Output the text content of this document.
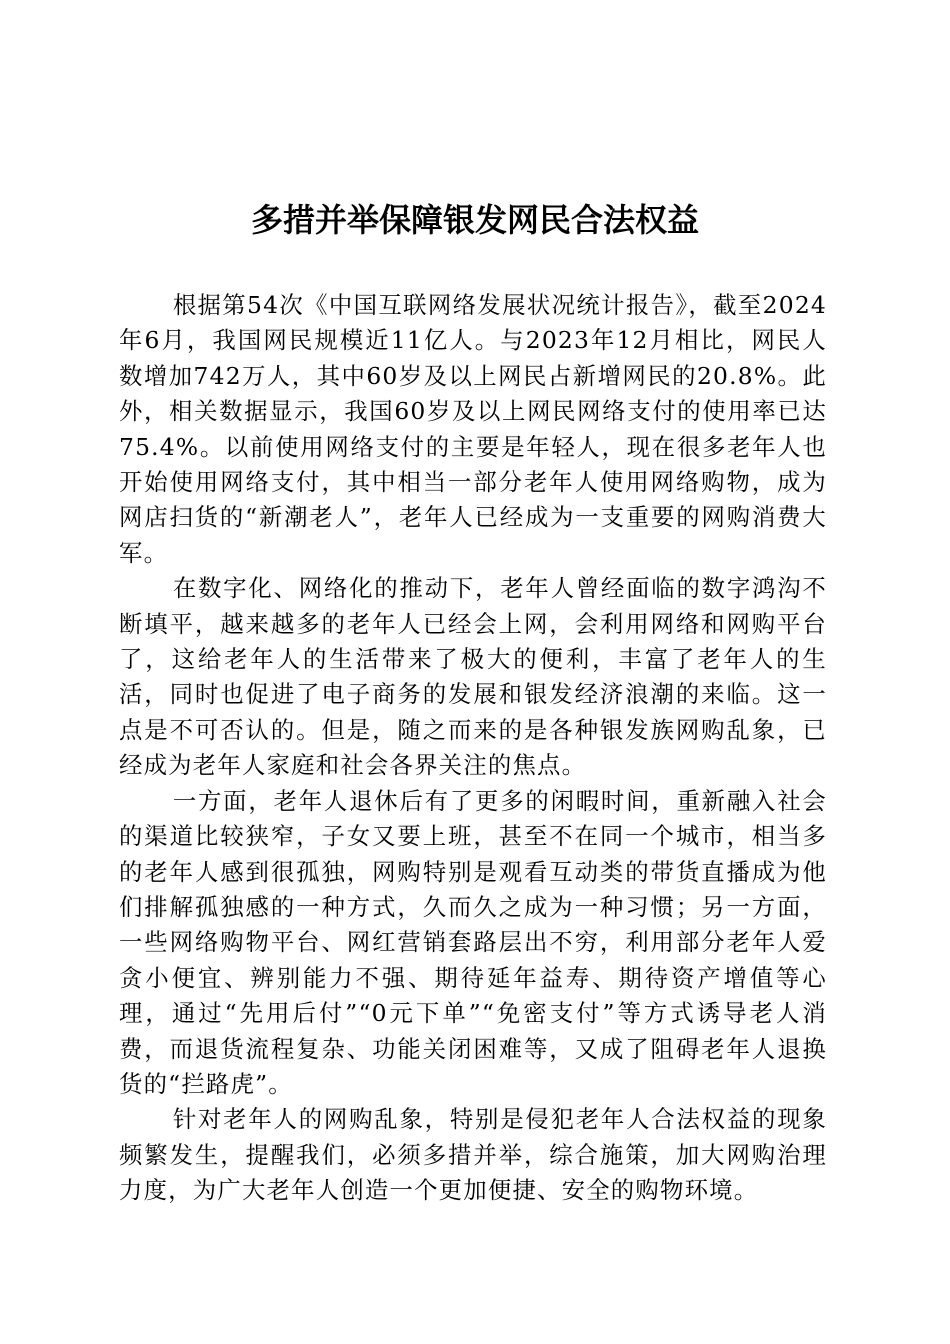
多措并举保障银发网民合法权益

根据第54次《中国互联网络发展状况统计报告》，截至2024年6月，我国网民规模近11亿人。与2023年12月相比，网民人数增加742万人，其中60岁及以上网民占新增网民的20.8%。此外，相关数据显示，我国60岁及以上网民网络支付的使用率已达75.4%。以前使用网络支付的主要是年轻人，现在很多老年人也开始使用网络支付，其中相当一部分老年人使用网络购物，成为网店扫货的“新潮老人”，老年人已经成为一支重要的网购消费大军。

在数字化、网络化的推动下，老年人曾经面临的数字鸿沟不断填平，越来越多的老年人已经会上网，会利用网络和网购平台了，这给老年人的生活带来了极大的便利，丰富了老年人的生活，同时也促进了电子商务的发展和银发经济浪潮的来临。这一点是不可否认的。但是，随之而来的是各种银发族网购乱象，已经成为老年人家庭和社会各界关注的焦点。

一方面，老年人退休后有了更多的闲暇时间，重新融入社会的渠道比较狭窄，子女又要上班，甚至不在同一个城市，相当多的老年人感到很孤独，网购特别是观看互动类的带货直播成为他们排解孤独感的一种方式，久而久之成为一种习惯；另一方面，一些网络购物平台、网红营销套路层出不穷，利用部分老年人爱贪小便宜、辨别能力不强、期待延年益寿、期待资产增值等心理，通过“先用后付”“0元下单”“免密支付”等方式诱导老人消费，而退货流程复杂、功能关闭困难等，又成了阻碍老年人退换货的“拦路虎”。

针对老年人的网购乱象，特别是侵犯老年人合法权益的现象频繁发生，提醒我们，必须多措并举，综合施策，加大网购治理力度，为广大老年人创造一个更加便捷、安全的购物环境。
